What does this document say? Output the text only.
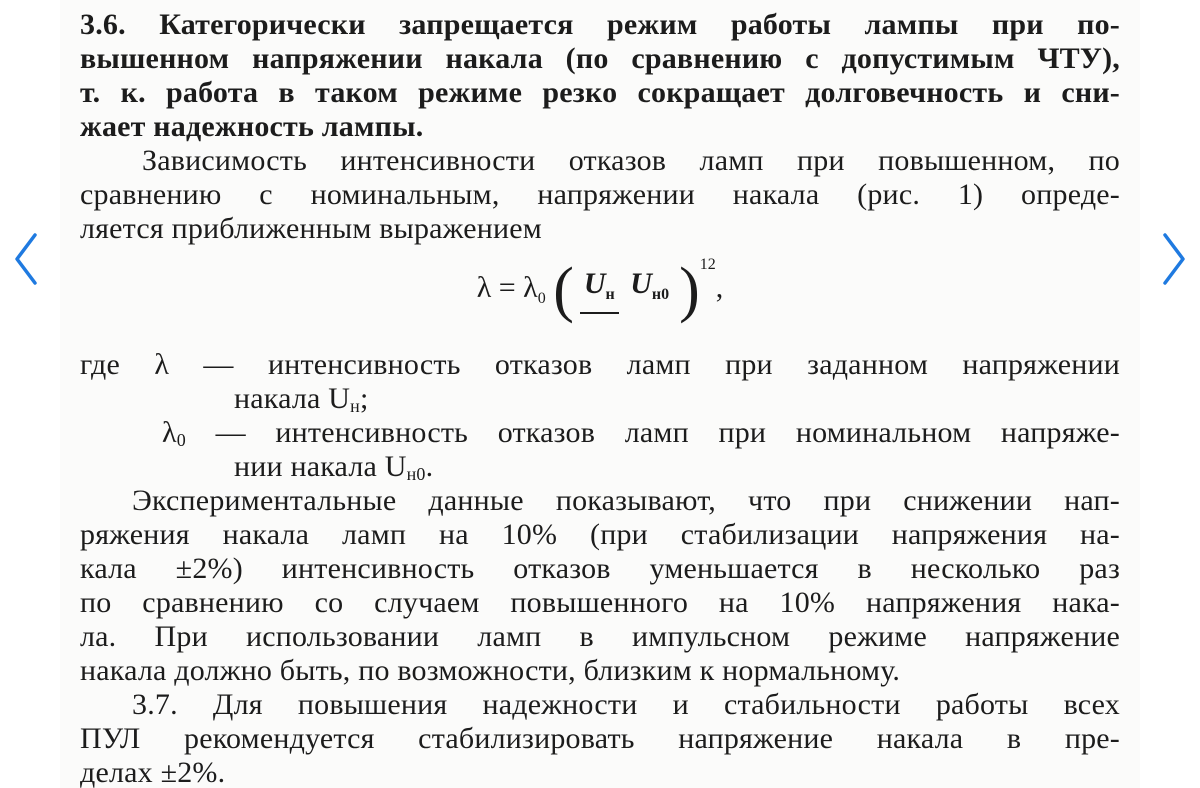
3.6. Категорически запрещается режим работы лампы при по-
вышенном напряжении накала (по сравнению с допустимым ЧТУ),
т. к. работа в таком режиме резко сокращает долговечность и сни-
жает надежность лампы.
Зависимость интенсивности отказов ламп при повышенном, по
сравнению с номинальным, напряжении накала (рис. 1) опреде-
ляется приближенным выражением
λ = λ0 ( Uн Uн0 )12,
где λ — интенсивность отказов ламп при заданном напряжении
накала Uн;
λ0 — интенсивность отказов ламп при номинальном напряже-
нии накала Uн0.
Экспериментальные данные показывают, что при снижении нап-
ряжения накала ламп на 10% (при стабилизации напряжения на-
кала ±2%) интенсивность отказов уменьшается в несколько раз
по сравнению со случаем повышенного на 10% напряжения нака-
ла. При использовании ламп в импульсном режиме напряжение
накала должно быть, по возможности, близким к нормальному.
3.7. Для повышения надежности и стабильности работы всех
ПУЛ рекомендуется стабилизировать напряжение накала в пре-
делах ±2%.
